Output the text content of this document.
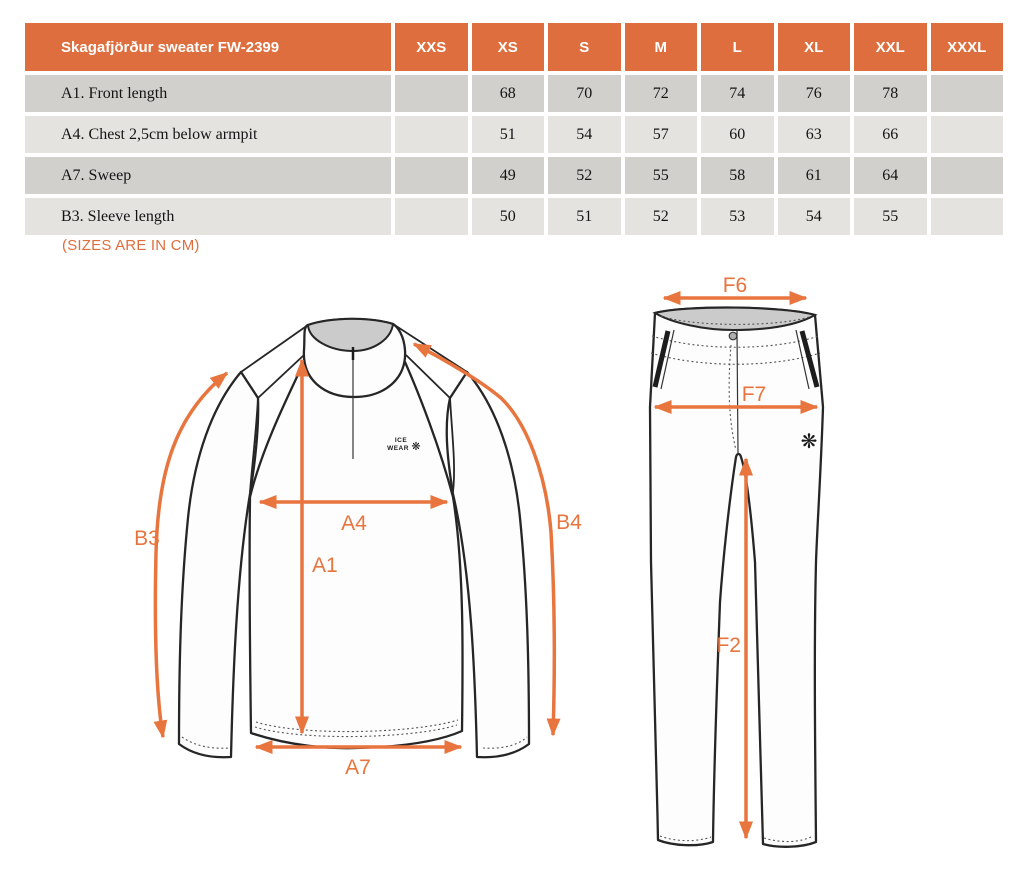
Skagafjörður sweater FW-2399	XXS	XS	S	M	L	XL	XXL	XXXL
A1. Front length		68	70	72	74	76	78	
A4. Chest 2,5cm below armpit		51	54	57	60	63	66	
A7. Sweep		49	52	55	58	61	64	
B3. Sleeve length		50	51	52	53	54	55	
(SIZES ARE IN CM)
ICE
WEAR ❋
A4
A1
A7
B3
B4
❋
F6
F7
F2
